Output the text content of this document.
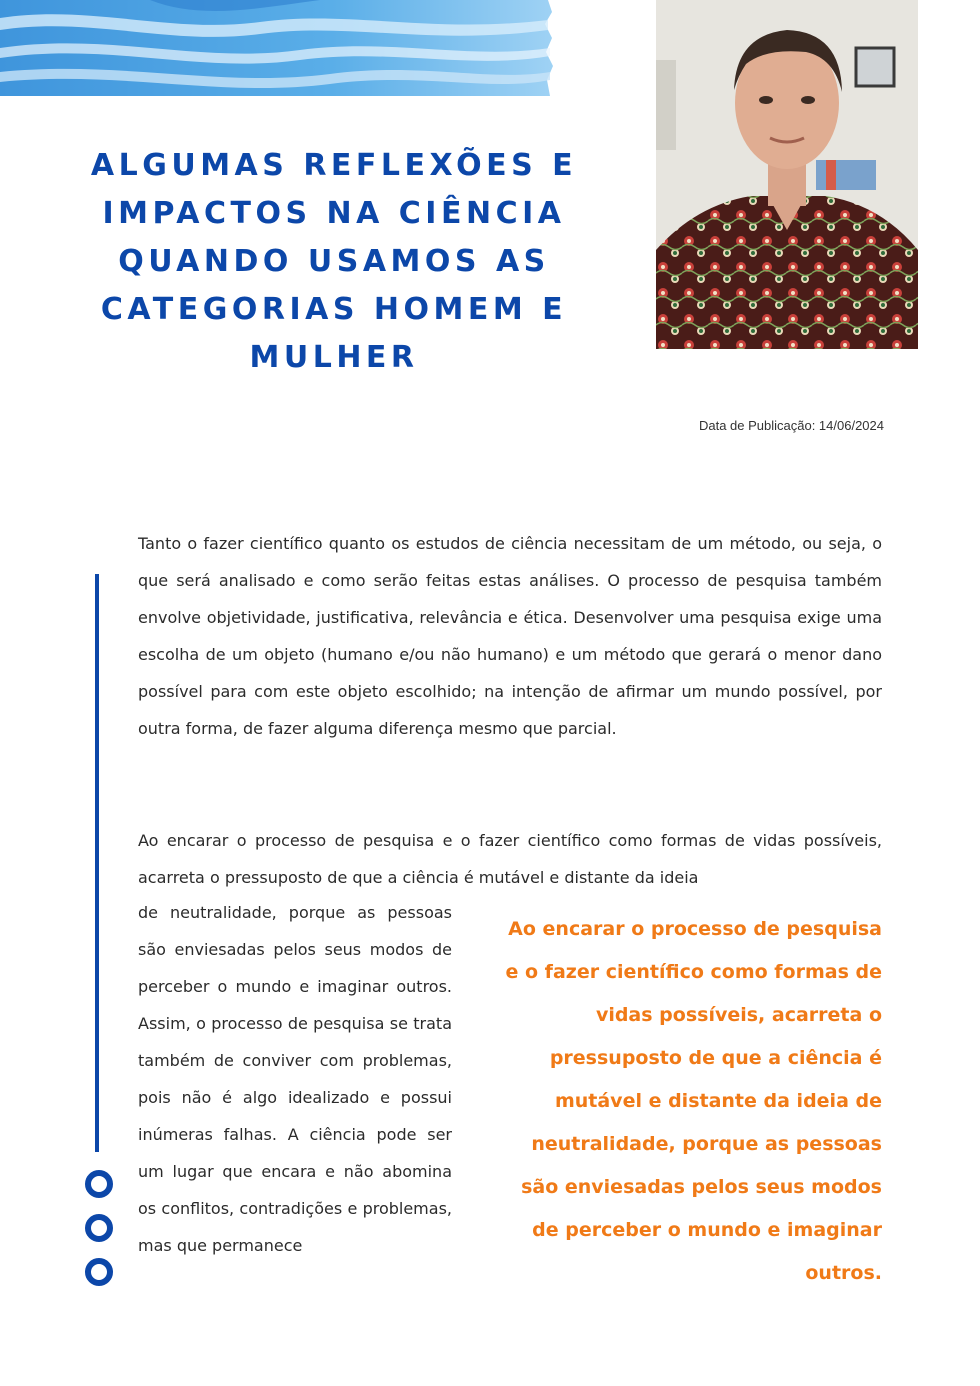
ALGUMAS REFLEXÕES E IMPACTOS NA CIÊNCIA QUANDO USAMOS AS CATEGORIAS HOMEM E MULHER

Data de Publicação: 14/06/2024

Tanto o fazer científico quanto os estudos de ciência necessitam de um método, ou seja, o que será analisado e como serão feitas estas análises. O processo de pesquisa também envolve objetividade, justificativa, relevância e ética. Desenvolver uma pesquisa exige uma escolha de um objeto (humano e/ou não humano) e um método que gerará o menor dano possível para com este objeto escolhido; na intenção de afirmar um mundo possível, por outra forma, de fazer alguma diferença mesmo que parcial.

Ao encarar o processo de pesquisa e o fazer científico como formas de vidas possíveis, acarreta o pressuposto de que a ciência é mutável e distante da ideia

de neutralidade, porque as pessoas são enviesadas pelos seus modos de perceber o mundo e imaginar outros. Assim, o processo de pesquisa se trata também de conviver com problemas, pois não é algo idealizado e possui inúmeras falhas. A ciência pode ser um lugar que encara e não abomina os conflitos, contradições e problemas, mas que permanece

Ao encarar o processo de pesquisa e o fazer científico como formas de vidas possíveis, acarreta o pressuposto de que a ciência é mutável e distante da ideia de neutralidade, porque as pessoas são enviesadas pelos seus modos de perceber o mundo e imaginar outros.
